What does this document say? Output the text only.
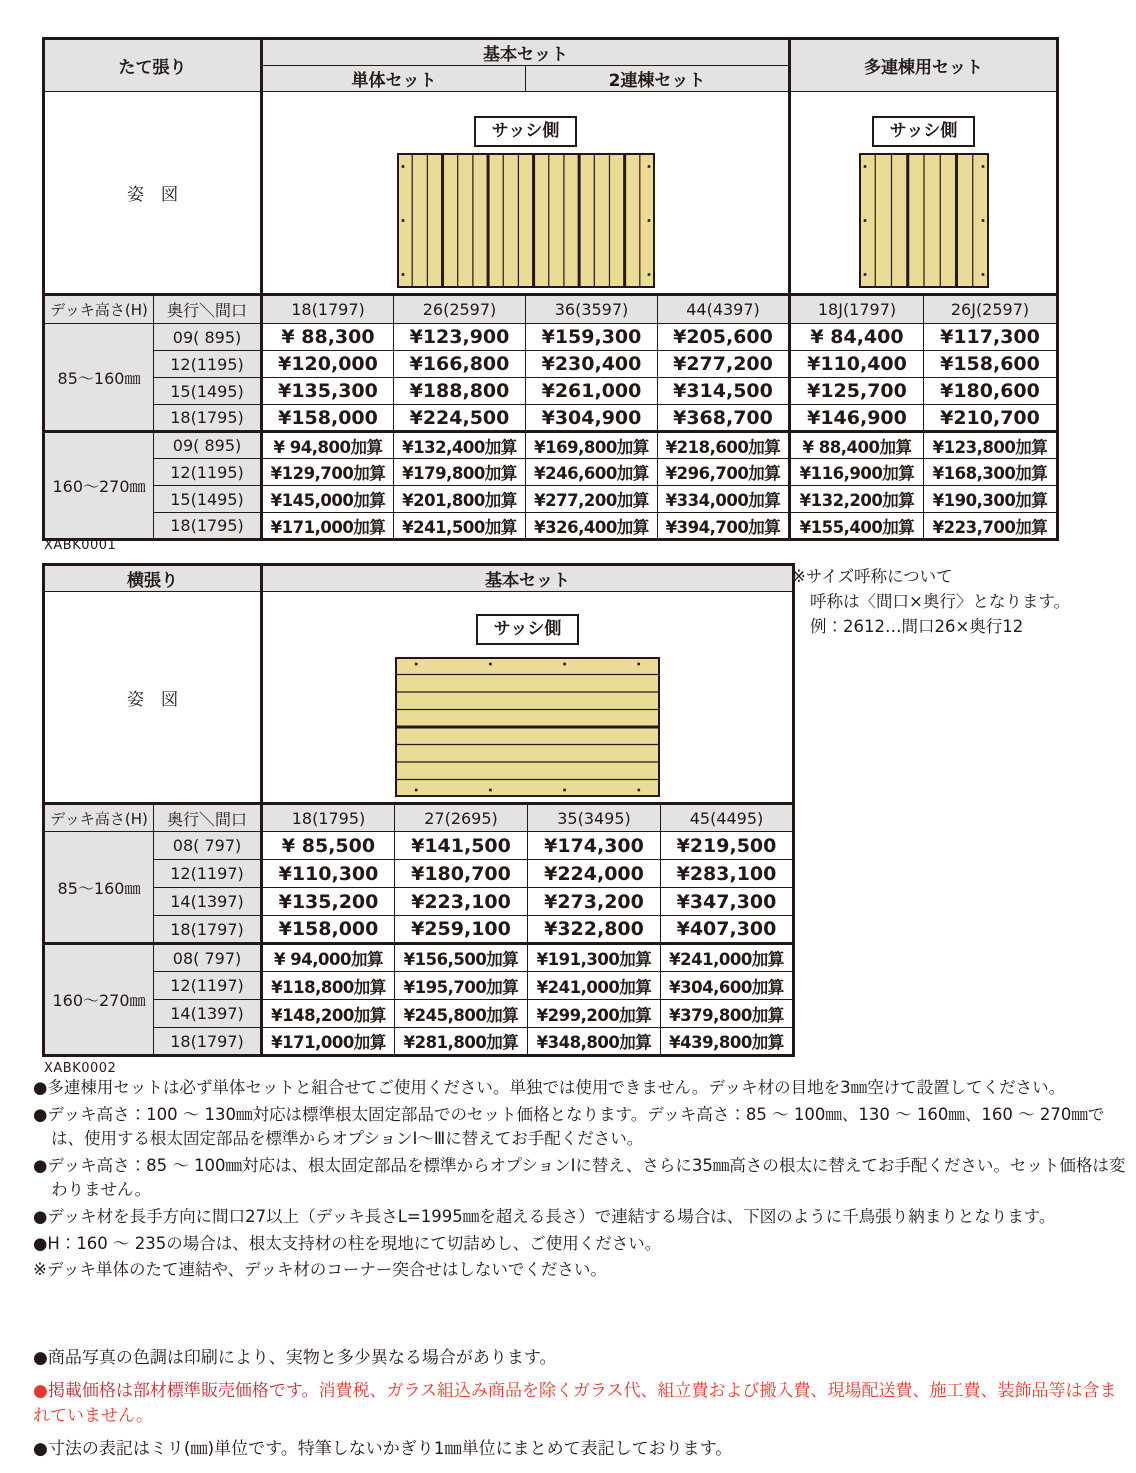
たて張り		基本セット				多連棟用セット	
		単体セット		2連棟セット			
姿　図		サッシ側				サッシ側	

デッキ高さ(H)	奥行＼間口	18(1797)	26(2597)	36(3597)	44(4397)	18J(1797)	26J(2597)
85～160㎜	09( 895)	¥ 88,300	¥123,900	¥159,300	¥205,600	¥ 84,400	¥117,300
	12(1195)	¥120,000	¥166,800	¥230,400	¥277,200	¥110,400	¥158,600
	15(1495)	¥135,300	¥188,800	¥261,000	¥314,500	¥125,700	¥180,600
	18(1795)	¥158,000	¥224,500	¥304,900	¥368,700	¥146,900	¥210,700
160～270㎜	09( 895)	¥ 94,800加算	¥132,400加算	¥169,800加算	¥218,600加算	¥ 88,400加算	¥123,800加算
	12(1195)	¥129,700加算	¥179,800加算	¥246,600加算	¥296,700加算	¥116,900加算	¥168,300加算
	15(1495)	¥145,000加算	¥201,800加算	¥277,200加算	¥334,000加算	¥132,200加算	¥190,300加算
	18(1795)	¥171,000加算	¥241,500加算	¥326,400加算	¥394,700加算	¥155,400加算	¥223,700加算
XABK0001
横張り		基本セット			
姿　図		サッシ側			

デッキ高さ(H)	奥行＼間口	18(1795)	27(2695)	35(3495)	45(4495)
85～160㎜	08( 797)	¥ 85,500	¥141,500	¥174,300	¥219,500
	12(1197)	¥110,300	¥180,700	¥224,000	¥283,100
	14(1397)	¥135,200	¥223,100	¥273,200	¥347,300
	18(1797)	¥158,000	¥259,100	¥322,800	¥407,300
160～270㎜	08( 797)	¥ 94,000加算	¥156,500加算	¥191,300加算	¥241,000加算
	12(1197)	¥118,800加算	¥195,700加算	¥241,000加算	¥304,600加算
	14(1397)	¥148,200加算	¥245,800加算	¥299,200加算	¥379,800加算
	18(1797)	¥171,000加算	¥281,800加算	¥348,800加算	¥439,800加算
XABK0002
※サイズ呼称について
呼称は〈間口×奥行〉となります。
例：2612…間口26×奥行12

●多連棟用セットは必ず単体セットと組合せてご使用ください。単独では使用できません。デッキ材の目地を3㎜空けて設置してください。

●デッキ高さ：100 ～ 130㎜対応は標準根太固定部品でのセット価格となります。デッキ高さ：85 ～ 100㎜、130 ～ 160㎜、160 ～ 270㎜では、使用する根太固定部品を標準からオプションⅠ～Ⅲに替えてお手配ください。

●デッキ高さ：85 ～ 100㎜対応は、根太固定部品を標準からオプションⅠに替え、さらに35㎜高さの根太に替えてお手配ください。セット価格は変わりません。

●デッキ材を長手方向に間口27以上（デッキ長さL=1995㎜を超える長さ）で連結する場合は、下図のように千鳥張り納まりとなります。

●H：160 ～ 235の場合は、根太支持材の柱を現地にて切詰めし、ご使用ください。

※デッキ単体のたて連結や、デッキ材のコーナー突合せはしないでください。

●商品写真の色調は印刷により、実物と多少異なる場合があります。

●掲載価格は部材標準販売価格です。消費税、ガラス組込み商品を除くガラス代、組立費および搬入費、現場配送費、施工費、装飾品等は含まれていません。

●寸法の表記はミリ(㎜)単位です。特筆しないかぎり1㎜単位にまとめて表記しております。
